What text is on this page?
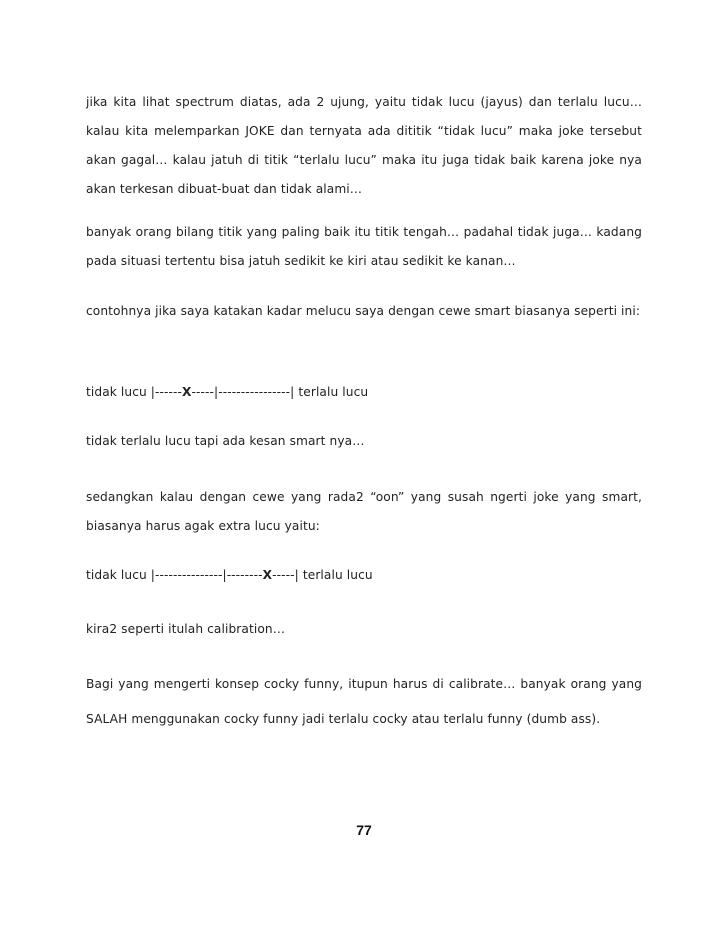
jika kita lihat spectrum diatas, ada 2 ujung, yaitu tidak lucu (jayus) dan terlalu lucu… kalau kita melemparkan JOKE dan ternyata ada dititik “tidak lucu” maka joke tersebut akan gagal… kalau jatuh di titik “terlalu lucu” maka itu juga tidak baik karena joke nya akan terkesan dibuat-buat dan tidak alami…

banyak orang bilang titik yang paling baik itu titik tengah… padahal tidak juga… kadang pada situasi tertentu bisa jatuh sedikit ke kiri atau sedikit ke kanan…

contohnya jika saya katakan kadar melucu saya dengan cewe smart biasanya seperti ini:

tidak lucu |------X-----|----------------| terlalu lucu

tidak terlalu lucu tapi ada kesan smart nya…

sedangkan kalau dengan cewe yang rada2 “oon” yang susah ngerti joke yang smart, biasanya harus agak extra lucu yaitu:

tidak lucu |---------------|--------X-----| terlalu lucu

kira2 seperti itulah calibration…

Bagi yang mengerti konsep cocky funny, itupun harus di calibrate… banyak orang yang SALAH menggunakan cocky funny jadi terlalu cocky atau terlalu funny (dumb ass).

77
